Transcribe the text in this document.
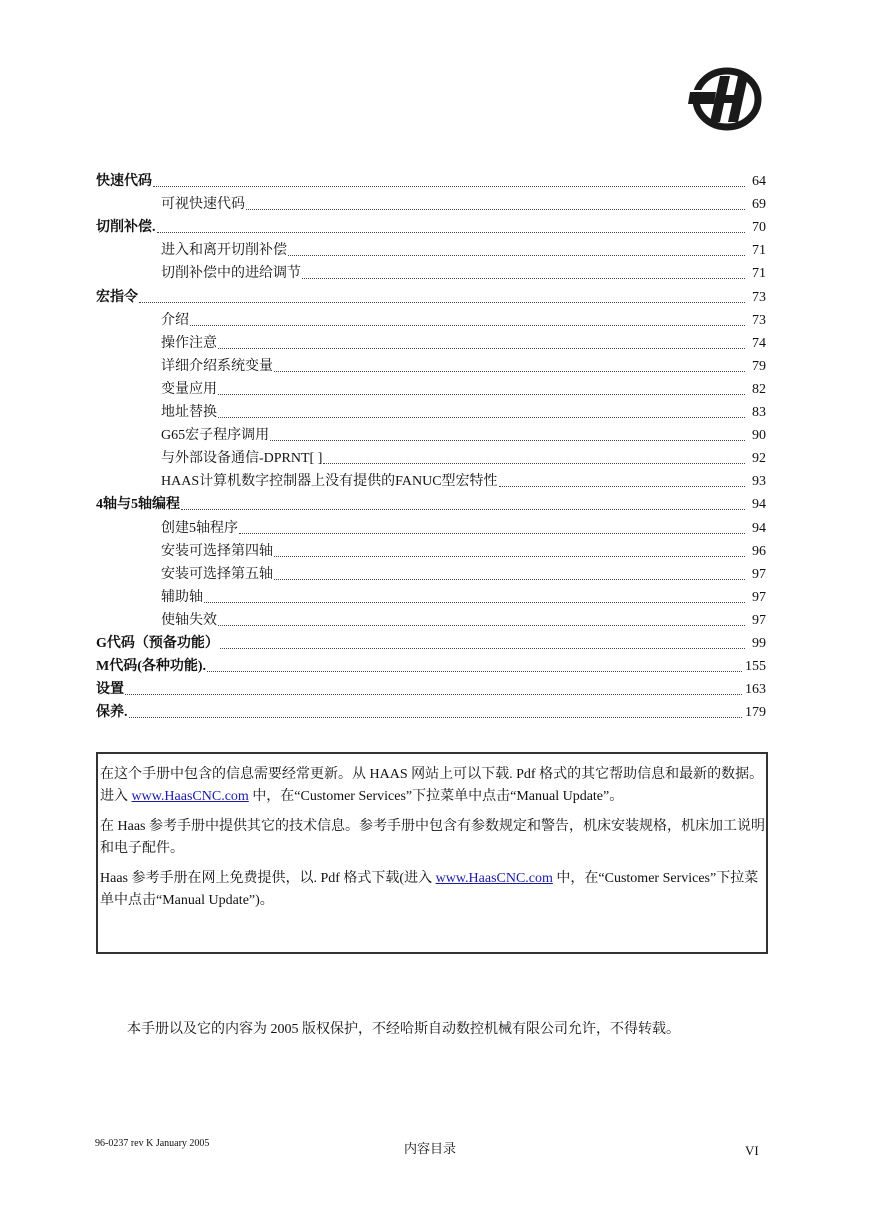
快速代码	64
可视快速代码	69
切削补偿.	70
进入和离开切削补偿	71
切削补偿中的进给调节	71
宏指令	73
介绍	73
操作注意	74
详细介绍系统变量	79
变量应用	82
地址替换	83
G65宏子程序调用	90
与外部设备通信-DPRNT[ ]	92
HAAS计算机数字控制器上没有提供的FANUC型宏特性	93
4轴与5轴编程	94
创建5轴程序	94
安装可选择第四轴	96
安装可选择第五轴	97
辅助轴	97
使轴失效	97
G代码（预备功能）	99
M代码(各种功能).	155
设置	163
保养.	179

在这个手册中包含的信息需要经常更新。从 HAAS 网站上可以下载. Pdf 格式的其它帮助信息和最新的数据。进入 www.HaasCNC.com 中，在“Customer Services”下拉菜单中点击“Manual Update”。

在 Haas 参考手册中提供其它的技术信息。参考手册中包含有参数规定和警告，机床安装规格，机床加工说明和电子配件。

Haas 参考手册在网上免费提供，以. Pdf 格式下载(进入 www.HaasCNC.com 中，在“Customer Services”下拉菜单中点击“Manual Update”)。

本手册以及它的内容为 2005 版权保护，不经哈斯自动数控机械有限公司允许，不得转载。
96-0237 rev K January 2005	内容目录	VI
